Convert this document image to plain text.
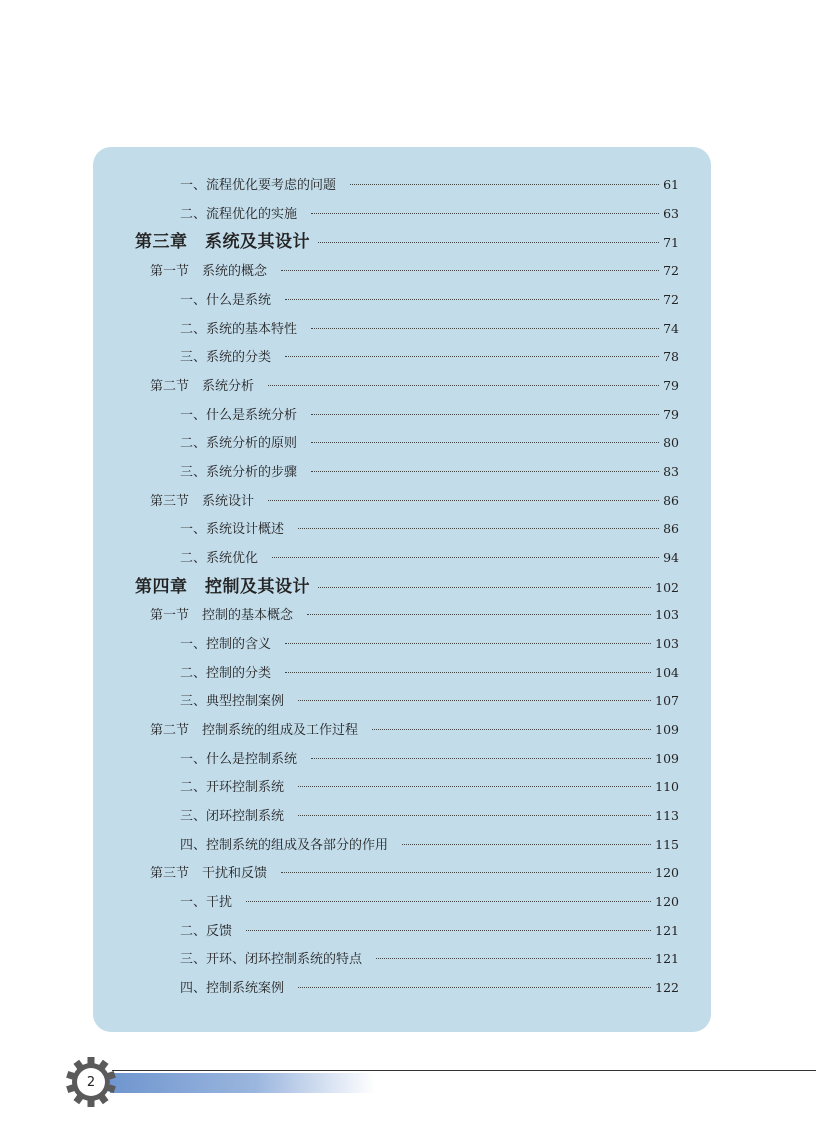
一、流程优化要考虑的问题	61
二、流程优化的实施	63
第三章　系统及其设计	71
第一节　系统的概念	72
一、什么是系统	72
二、系统的基本特性	74
三、系统的分类	78
第二节　系统分析	79
一、什么是系统分析	79
二、系统分析的原则	80
三、系统分析的步骤	83
第三节　系统设计	86
一、系统设计概述	86
二、系统优化	94
第四章　控制及其设计	102
第一节　控制的基本概念	103
一、控制的含义	103
二、控制的分类	104
三、典型控制案例	107
第二节　控制系统的组成及工作过程	109
一、什么是控制系统	109
二、开环控制系统	110
三、闭环控制系统	113
四、控制系统的组成及各部分的作用	115
第三节　干扰和反馈	120
一、干扰	120
二、反馈	121
三、开环、闭环控制系统的特点	121
四、控制系统案例	122
2
